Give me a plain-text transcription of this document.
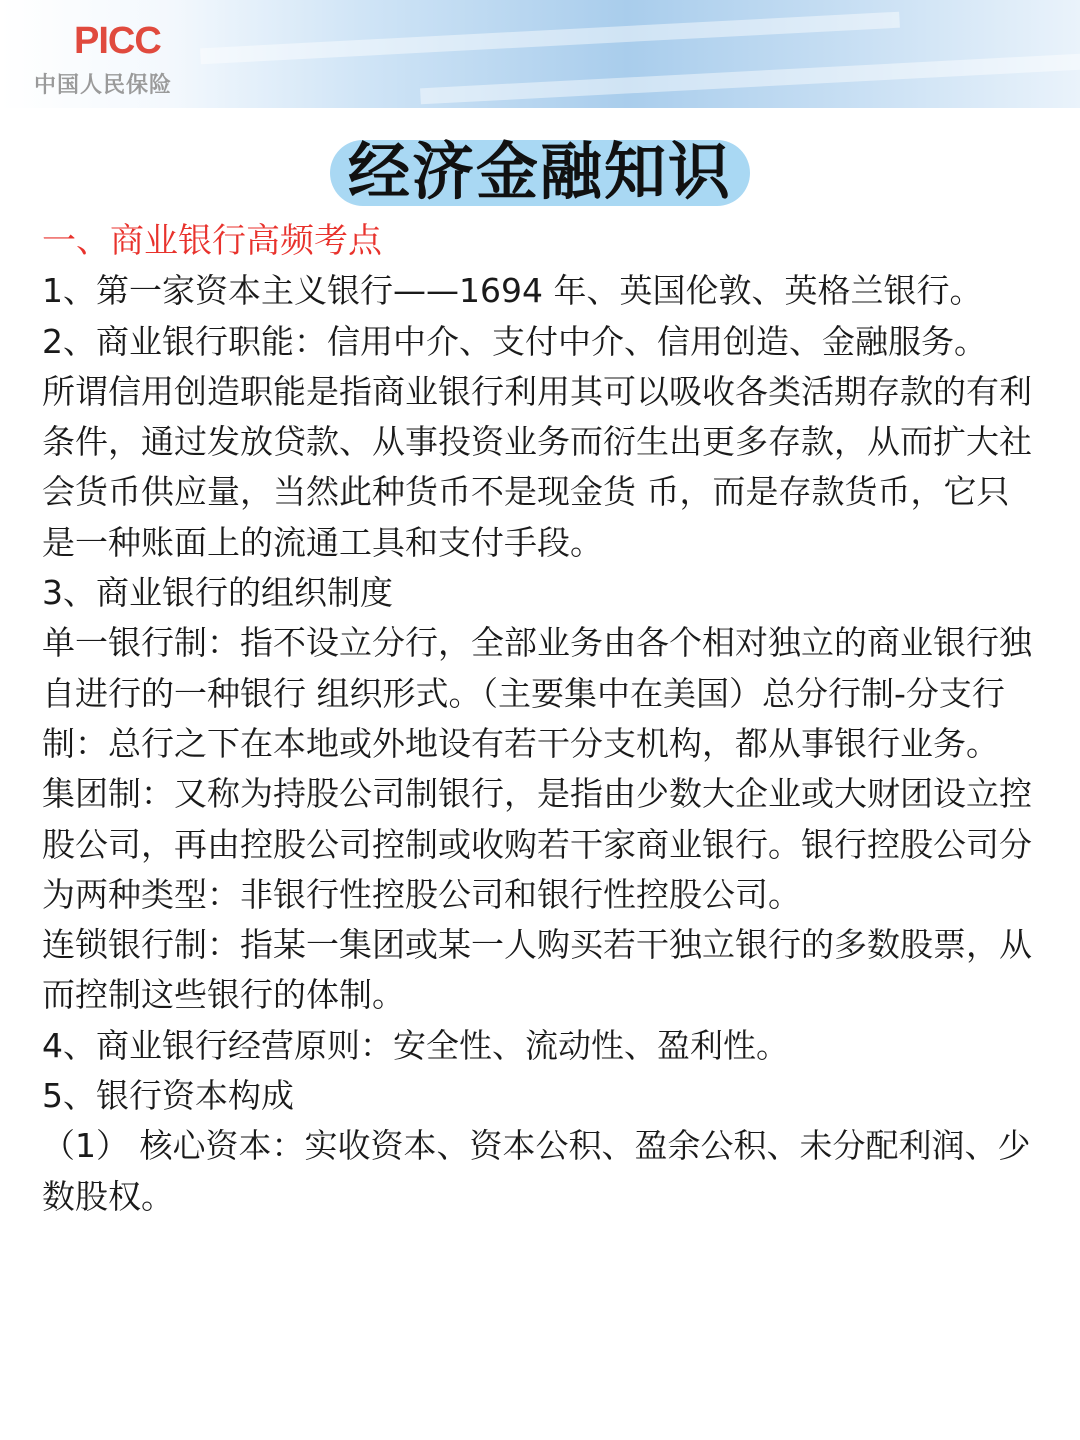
PICC
中国人民保险
经济金融知识

一、商业银行高频考点

1、第一家资本主义银行——1694 年、英国伦敦、英格兰银行。

2、商业银行职能：信用中介、支付中介、信用创造、金融服务。

所谓信用创造职能是指商业银行利用其可以吸收各类活期存款的有利条件，通过发放贷款、从事投资业务而衍生出更多存款，从而扩大社会货币供应量，当然此种货币不是现金货 币，而是存款货币，它只是一种账面上的流通工具和支付手段。

3、商业银行的组织制度

单一银行制：指不设立分行，全部业务由各个相对独立的商业银行独自进行的一种银行 组织形式。（主要集中在美国）总分行制-分支行制：总行之下在本地或外地设有若干分支机构，都从事银行业务。

集团制：又称为持股公司制银行，是指由少数大企业或大财团设立控股公司，再由控股公司控制或收购若干家商业银行。银行控股公司分为两种类型：非银行性控股公司和银行性控股公司。

连锁银行制：指某一集团或某一人购买若干独立银行的多数股票，从而控制这些银行的体制。

4、商业银行经营原则：安全性、流动性、盈利性。

5、银行资本构成

（1） 核心资本：实收资本、资本公积、盈余公积、未分配利润、少数股权。
